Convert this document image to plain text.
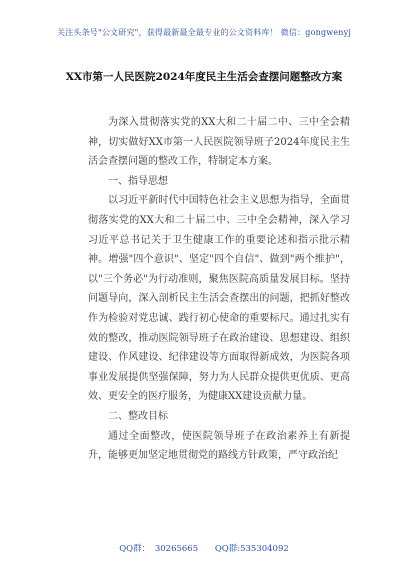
关注头条号"公文研究"，获得最新最全最专业的公文资料库！ 微信：gongwenyj
XX市第一人民医院2024年度民主生活会查摆问题整改方案

为深入贯彻落实党的XX大和二十届二中、三中全会精神，切实做好XX市第一人民医院领导班子2024年度民主生活会查摆问题的整改工作，特制定本方案。

一、指导思想

以习近平新时代中国特色社会主义思想为指导，全面贯彻落实党的XX大和二十届二中、三中全会精神，深入学习习近平总书记关于卫生健康工作的重要论述和指示批示精神。增强"四个意识"、坚定"四个自信"、做到"两个维护"，以"三个务必"为行动准则，聚焦医院高质量发展目标。坚持问题导向，深入剖析民主生活会查摆出的问题，把抓好整改作为检验对党忠诚、践行初心使命的重要标尺。通过扎实有效的整改，推动医院领导班子在政治建设、思想建设、组织建设、作风建设、纪律建设等方面取得新成效，为医院各项事业发展提供坚强保障，努力为人民群众提供更优质、更高效、更安全的医疗服务，为健康XX建设贡献力量。

二、整改目标

通过全面整改，使医院领导班子在政治素养上有新提升，能够更加坚定地贯彻党的路线方针政策，严守政治纪

QQ群： 30265665 QQ群:535304092
